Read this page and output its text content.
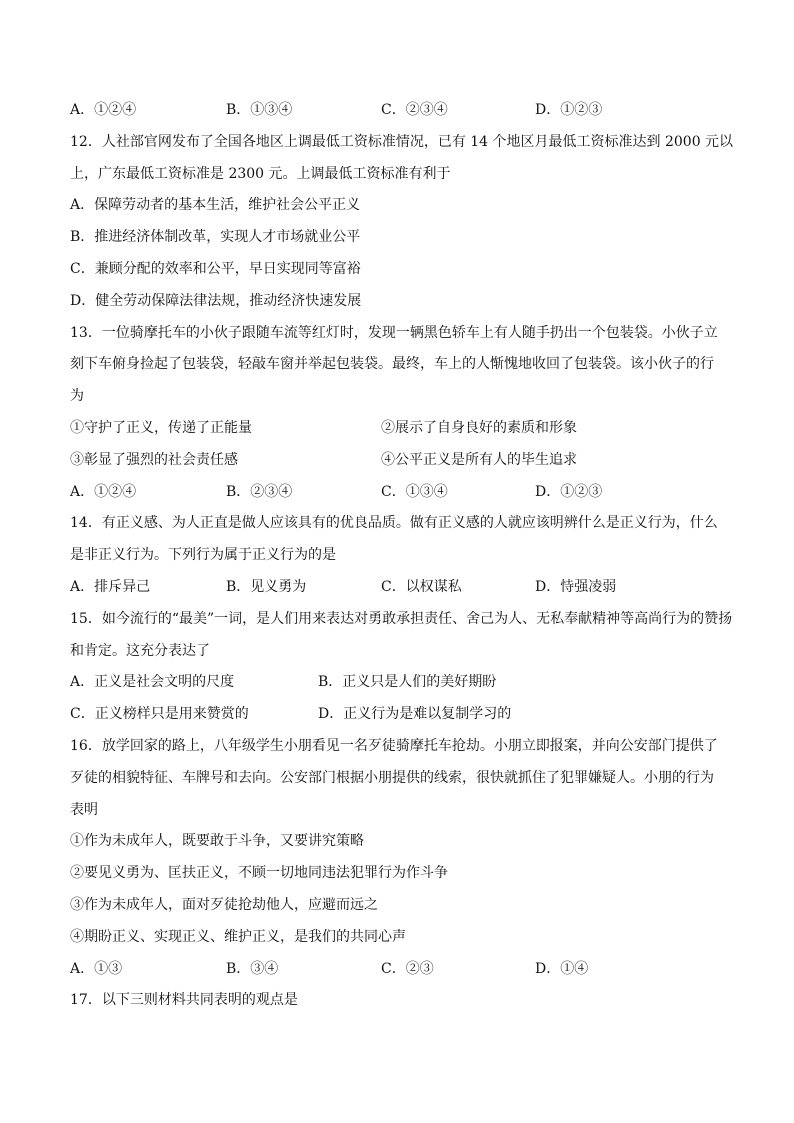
A．①②④	B．①③④	C．②③④	D．①②③
12．人社部官网发布了全国各地区上调最低工资标准情况，已有 14 个地区月最低工资标准达到 2000 元以
上，广东最低工资标准是 2300 元。上调最低工资标准有利于
A．保障劳动者的基本生活，维护社会公平正义
B．推进经济体制改革，实现人才市场就业公平
C．兼顾分配的效率和公平，早日实现同等富裕
D．健全劳动保障法律法规，推动经济快速发展
13．一位骑摩托车的小伙子跟随车流等红灯时，发现一辆黑色轿车上有人随手扔出一个包装袋。小伙子立
刻下车俯身捡起了包装袋，轻敲车窗并举起包装袋。最终，车上的人惭愧地收回了包装袋。该小伙子的行
为
①守护了正义，传递了正能量	②展示了自身良好的素质和形象
③彰显了强烈的社会责任感	④公平正义是所有人的毕生追求
A．①②④	B．②③④	C．①③④	D．①②③
14．有正义感、为人正直是做人应该具有的优良品质。做有正义感的人就应该明辨什么是正义行为，什么
是非正义行为。下列行为属于正义行为的是
A．排斥异己	B．见义勇为	C．以权谋私	D．恃强凌弱
15．如今流行的“最美”一词，是人们用来表达对勇敢承担责任、舍己为人、无私奉献精神等高尚行为的赞扬
和肯定。这充分表达了
A．正义是社会文明的尺度	B．正义只是人们的美好期盼
C．正义榜样只是用来赞赏的	D．正义行为是难以复制学习的
16．放学回家的路上，八年级学生小朋看见一名歹徒骑摩托车抢劫。小朋立即报案，并向公安部门提供了
歹徒的相貌特征、车牌号和去向。公安部门根据小朋提供的线索，很快就抓住了犯罪嫌疑人。小朋的行为
表明
①作为未成年人，既要敢于斗争，又要讲究策略
②要见义勇为、匡扶正义，不顾一切地同违法犯罪行为作斗争
③作为未成年人，面对歹徒抢劫他人，应避而远之
④期盼正义、实现正义、维护正义，是我们的共同心声
A．①③	B．③④	C．②③	D．①④
17．以下三则材料共同表明的观点是
